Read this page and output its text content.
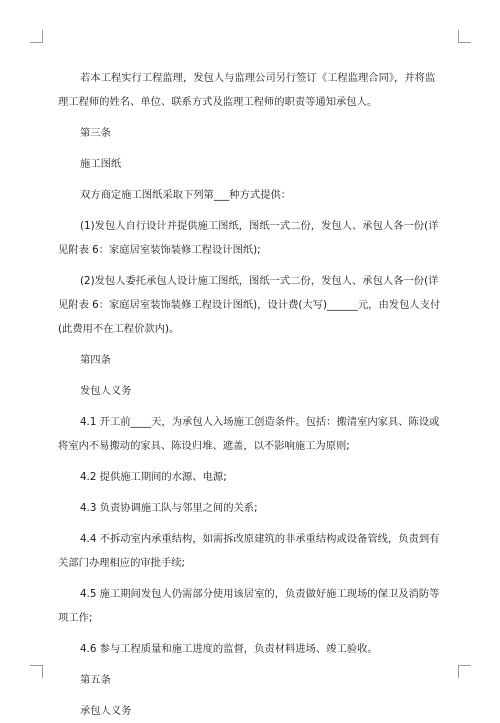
若本工程实行工程监理，发包人与监理公司另行签订《工程监理合同》，并将监
理工程师的姓名、单位、联系方式及监理工程师的职责等通知承包人。
第三条
施工图纸
双方商定施工图纸采取下列第___种方式提供：
(1)发包人自行设计并提供施工图纸，图纸一式二份，发包人、承包人各一份(详
见附表 6：家庭居室装饰装修工程设计图纸);
(2)发包人委托承包人设计施工图纸，图纸一式二份，发包人、承包人各一份(详
见附表 6：家庭居室装饰装修工程设计图纸)，设计费(大写)______元，由发包人支付
(此费用不在工程价款内)。
第四条
发包人义务
4.1 开工前____天，为承包人入场施工创造条件。包括：搬清室内家具、陈设或
将室内不易搬动的家具、陈设归堆、遮盖，以不影响施工为原则;
4.2 提供施工期间的水源、电源;
4.3 负责协调施工队与邻里之间的关系;
4.4 不拆动室内承重结构，如需拆改原建筑的非承重结构或设备管线，负责到有
关部门办理相应的审批手续;
4.5 施工期间发包人仍需部分使用该居室的，负责做好施工现场的保卫及消防等
项工作;
4.6 参与工程质量和施工进度的监督，负责材料进场、竣工验收。
第五条
承包人义务
